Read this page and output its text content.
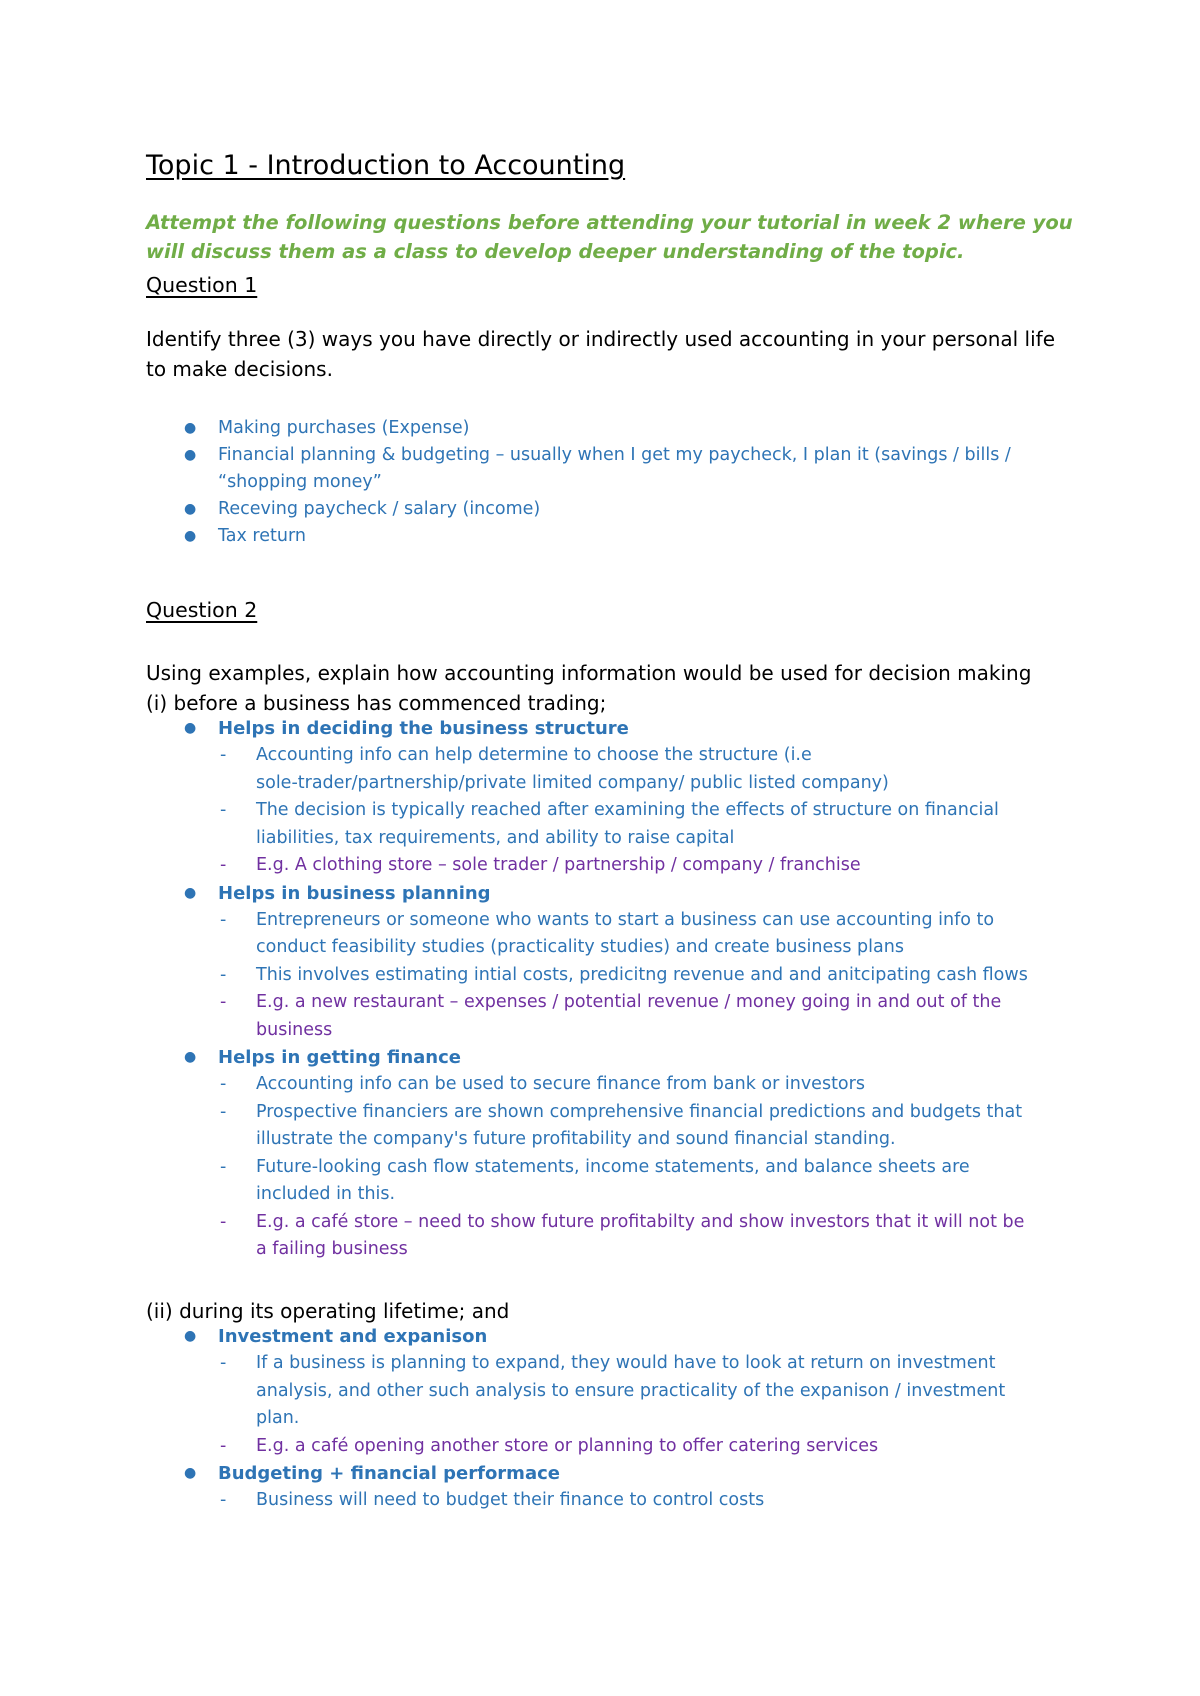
Topic 1 - Introduction to Accounting
Attempt the following questions before attending your tutorial in week 2 where you will discuss them as a class to develop deeper understanding of the topic.
Question 1
Identify three (3) ways you have directly or indirectly used accounting in your personal life to make decisions.
● Making purchases (Expense)
● Financial planning & budgeting – usually when I get my paycheck, I plan it (savings / bills /
“shopping money”
● Receving paycheck / salary (income)
● Tax return
Question 2
Using examples, explain how accounting information would be used for decision making
(i) before a business has commenced trading;
● Helps in deciding the business structure
- Accounting info can help determine to choose the structure (i.e
sole-trader/partnership/private limited company/ public listed company)
- The decision is typically reached after examining the effects of structure on financial
liabilities, tax requirements, and ability to raise capital
- E.g. A clothing store – sole trader / partnership / company / franchise
● Helps in business planning
- Entrepreneurs or someone who wants to start a business can use accounting info to
conduct feasibility studies (practicality studies) and create business plans
- This involves estimating intial costs, predicitng revenue and and anitcipating cash flows
- E.g. a new restaurant – expenses / potential revenue / money going in and out of the
business
● Helps in getting finance
- Accounting info can be used to secure finance from bank or investors
- Prospective financiers are shown comprehensive financial predictions and budgets that
illustrate the company's future profitability and sound financial standing.
- Future-looking cash flow statements, income statements, and balance sheets are
included in this.
- E.g. a café store – need to show future profitabilty and show investors that it will not be
a failing business
(ii) during its operating lifetime; and
● Investment and expanison
- If a business is planning to expand, they would have to look at return on investment
analysis, and other such analysis to ensure practicality of the expanison / investment
plan.
- E.g. a café opening another store or planning to offer catering services
● Budgeting + financial performace
- Business will need to budget their finance to control costs
